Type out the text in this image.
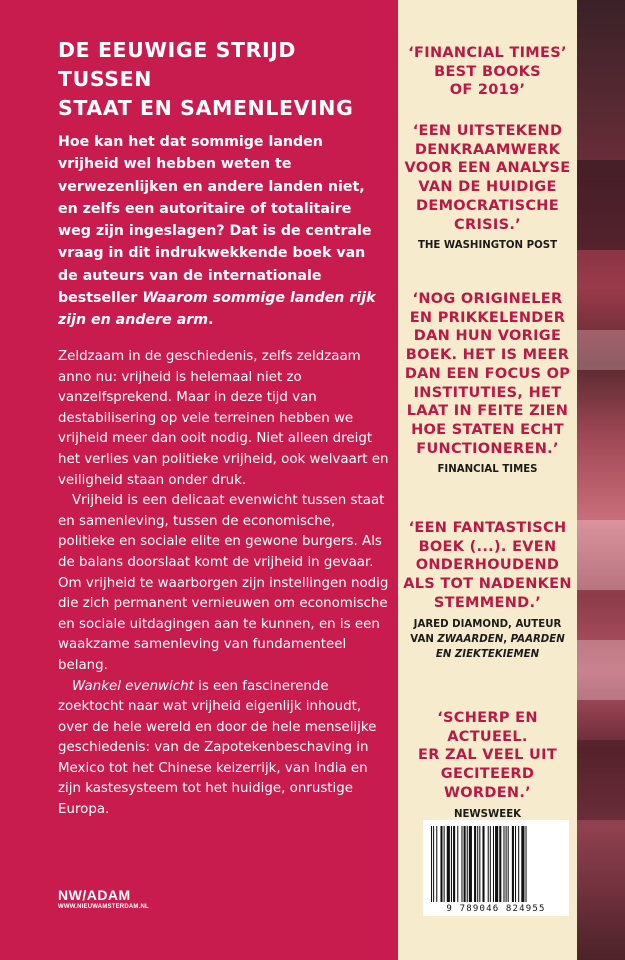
DE EEUWIGE STRIJD TUSSEN
STAAT EN SAMENLEVING

Hoe kan het dat sommige landen vrijheid wel hebben weten te verwezenlijken en andere landen niet, en zelfs een autoritaire of totalitaire weg zijn ingeslagen? Dat is de centrale vraag in dit indrukwekkende boek van de auteurs van de internationale bestseller Waarom sommige landen rijk zijn en andere arm.

Zeldzaam in de geschiedenis, zelfs zeldzaam anno nu: vrijheid is helemaal niet zo vanzelfsprekend. Maar in deze tijd van destabilisering op vele terreinen hebben we vrijheid meer dan ooit nodig. Niet alleen dreigt het verlies van politieke vrijheid, ook welvaart en veiligheid staan onder druk.

Vrijheid is een delicaat evenwicht tussen staat en samenleving, tussen de economische, politieke en sociale elite en gewone burgers. Als de balans doorslaat komt de vrijheid in gevaar. Om vrijheid te waarborgen zijn instellingen nodig die zich permanent vernieuwen om economische en sociale uitdagingen aan te kunnen, en is een waakzame samenleving van fundamenteel belang.

Wankel evenwicht is een fascinerende zoektocht naar wat vrijheid eigenlijk inhoudt, over de hele wereld en door de hele menselijke geschiedenis: van de Zapotekenbeschaving in Mexico tot het Chinese keizerrijk, van India en zijn kastesysteem tot het huidige, onrustige Europa.

NW/ADAM
WWW.NIEUWAMSTERDAM.NL

‘FINANCIAL TIMES’
BEST BOOKS
OF 2019’

‘EEN UITSTEKEND
DENKRAAMWERK
VOOR EEN ANALYSE
VAN DE HUIDIGE
DEMOCRATISCHE
CRISIS.’

THE WASHINGTON POST

‘NOG ORIGINELER
EN PRIKKELENDER
DAN HUN VORIGE
BOEK. HET IS MEER
DAN EEN FOCUS OP
INSTITUTIES, HET
LAAT IN FEITE ZIEN
HOE STATEN ECHT
FUNCTIONEREN.’

FINANCIAL TIMES

‘EEN FANTASTISCH
BOEK (...). EVEN
ONDERHOUDEND
ALS TOT NADENKEN
STEMMEND.’

JARED DIAMOND, AUTEUR
VAN ZWAARDEN, PAARDEN
EN ZIEKTEKIEMEN

‘SCHERP EN ACTUEEL.
ER ZAL VEEL UIT
GECITEERD WORDEN.’

NEWSWEEK

9 789046 824955
